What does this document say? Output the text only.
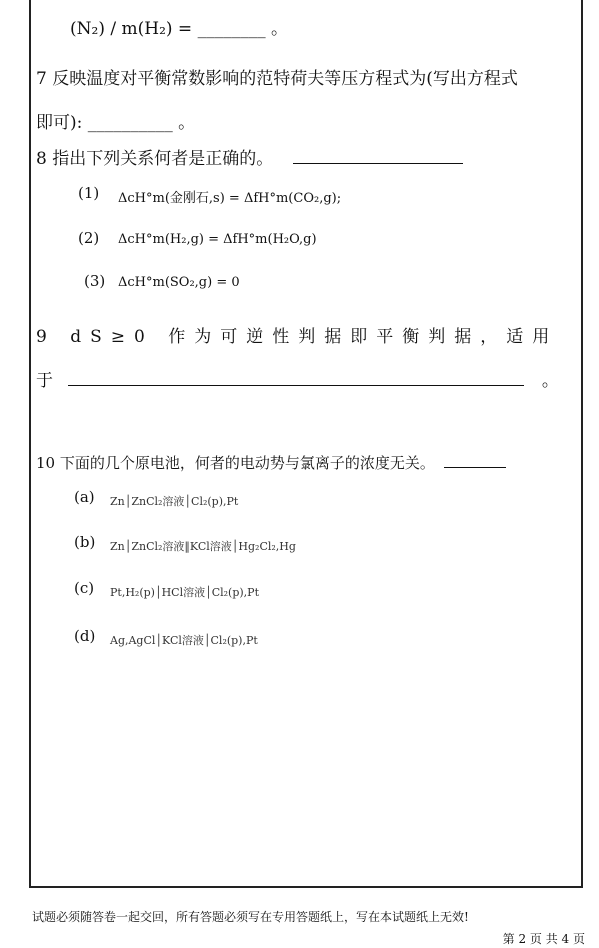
(N₂) / m(H₂) = ________ 。
7 反映温度对平衡常数影响的范特荷夫等压方程式为(写出方程式
即可): __________ 。
8 指出下列关系何者是正确的。
(1) ΔcH°m(金刚石,s) = ΔfH°m(CO₂,g);
(2) ΔcH°m(H₂,g) = ΔfH°m(H₂O,g)
(3) ΔcH°m(SO₂,g) = 0
9 dS≥0 作为可逆性判据即平衡判据，适用
于	。
10 下面的几个原电池，何者的电动势与氯离子的浓度无关。
(a) Zn│ZnCl₂溶液│Cl₂(p),Pt
(b) Zn│ZnCl₂溶液‖KCl溶液│Hg₂Cl₂,Hg
(c) Pt,H₂(p)│HCl溶液│Cl₂(p),Pt
(d) Ag,AgCl│KCl溶液│Cl₂(p),Pt
试题必须随答卷一起交回，所有答题必须写在专用答题纸上，写在本试题纸上无效!
第 2 页 共 4 页
